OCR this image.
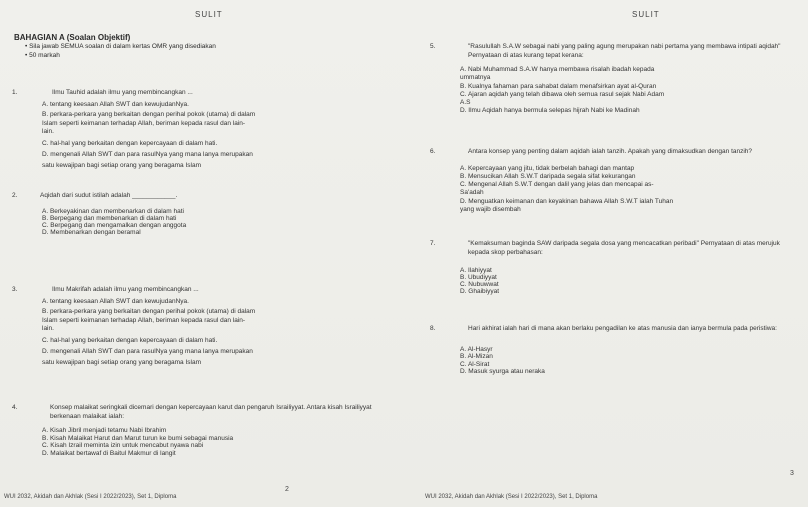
SULIT	SULIT
BAHAGIAN A (Soalan Objektif)
• Sila jawab SEMUA soalan di dalam kertas OMR yang disediakan
• 50 markah
1.	Ilmu Tauhid adalah ilmu yang membincangkan ...
A. tentang keesaan Allah SWT dan kewujudanNya.
B. perkara-perkara yang berkaitan dengan perihal pokok (utama) di dalam
Islam seperti keimanan terhadap Allah, beriman kepada rasul dan lain-
lain.
C. hal-hal yang berkaitan dengan kepercayaan di dalam hati.
D. mengenali Allah SWT dan para rasulNya yang mana lanya merupakan
satu kewajipan bagi setiap orang yang beragama Islam
2.	Aqidah dari sudut istilah adalah ____________.
A. Berkeyakinan dan membenarkan di dalam hati
B. Berpegang dan membenarkan di dalam hati
C. Berpegang dan mengamalkan dengan anggota
D. Membenarkan dengan beramal
3.	Ilmu Makrifah adalah ilmu yang membincangkan ...
A. tentang keesaan Allah SWT dan kewujudanNya.
B. perkara-perkara yang berkaitan dengan perihal pokok (utama) di dalam
Islam seperti keimanan terhadap Allah, beriman kepada rasul dan lain-
lain.
C. hal-hal yang berkaitan dengan kepercayaan di dalam hati.
D. mengenali Allah SWT dan para rasulNya yang mana lanya merupakan
satu kewajipan bagi setiap orang yang beragama Islam
4.	Konsep malaikat seringkali dicemari dengan kepercayaan karut dan pengaruh Israiliyyat. Antara kisah Israiliyyat berkenaan malaikat ialah:
A. Kisah Jibril menjadi tetamu Nabi Ibrahim
B. Kisah Malaikat Harut dan Marut turun ke bumi sebagai manusia
C. Kisah Izrail meminta izin untuk mencabut nyawa nabi
D. Malaikat bertawaf di Baitul Makmur di langit
5.	"Rasulullah S.A.W sebagai nabi yang paling agung merupakan nabi pertama yang membawa intipati aqidah" Pernyataan di atas kurang tepat kerana:
A. Nabi Muhammad S.A.W hanya membawa risalah ibadah kepada
ummatnya
B. Kualnya fahaman para sahabat dalam menafsirkan ayat al-Quran
C. Ajaran aqidah yang telah dibawa oleh semua rasul sejak Nabi Adam
A.S
D. Ilmu Aqidah hanya bermula selepas hijrah Nabi ke Madinah
6.	Antara konsep yang penting dalam aqidah ialah tanzih. Apakah yang dimaksudkan dengan tanzih?
A. Kepercayaan yang jitu, tidak berbelah bahagi dan mantap
B. Mensucikan Allah S.W.T daripada segala sifat kekurangan
C. Mengenal Allah S.W.T dengan dalil yang jelas dan mencapai as-
Sa'adah
D. Menguatkan keimanan dan keyakinan bahawa Allah S.W.T ialah Tuhan
yang wajib disembah
7.	"Kemaksuman baginda SAW daripada segala dosa yang mencacatkan peribadi" Pernyataan di atas merujuk kepada skop perbahasan:
A. Ilahiyyat
B. Ubudiyyat
C. Nubuwwat
D. Ghaibiyyat
8.	Hari akhirat ialah hari di mana akan berlaku pengadilan ke atas manusia dan ianya bermula pada peristiwa:
A. Al-Hasyr
B. Al-Mizan
C. Al-Sirat
D. Masuk syurga atau neraka
WUI 2032, Akidah dan Akhlak (Sesi I 2022/2023), Set 1, Diploma
2
WUI 2032, Akidah dan Akhlak (Sesi I 2022/2023), Set 1, Diploma
3
